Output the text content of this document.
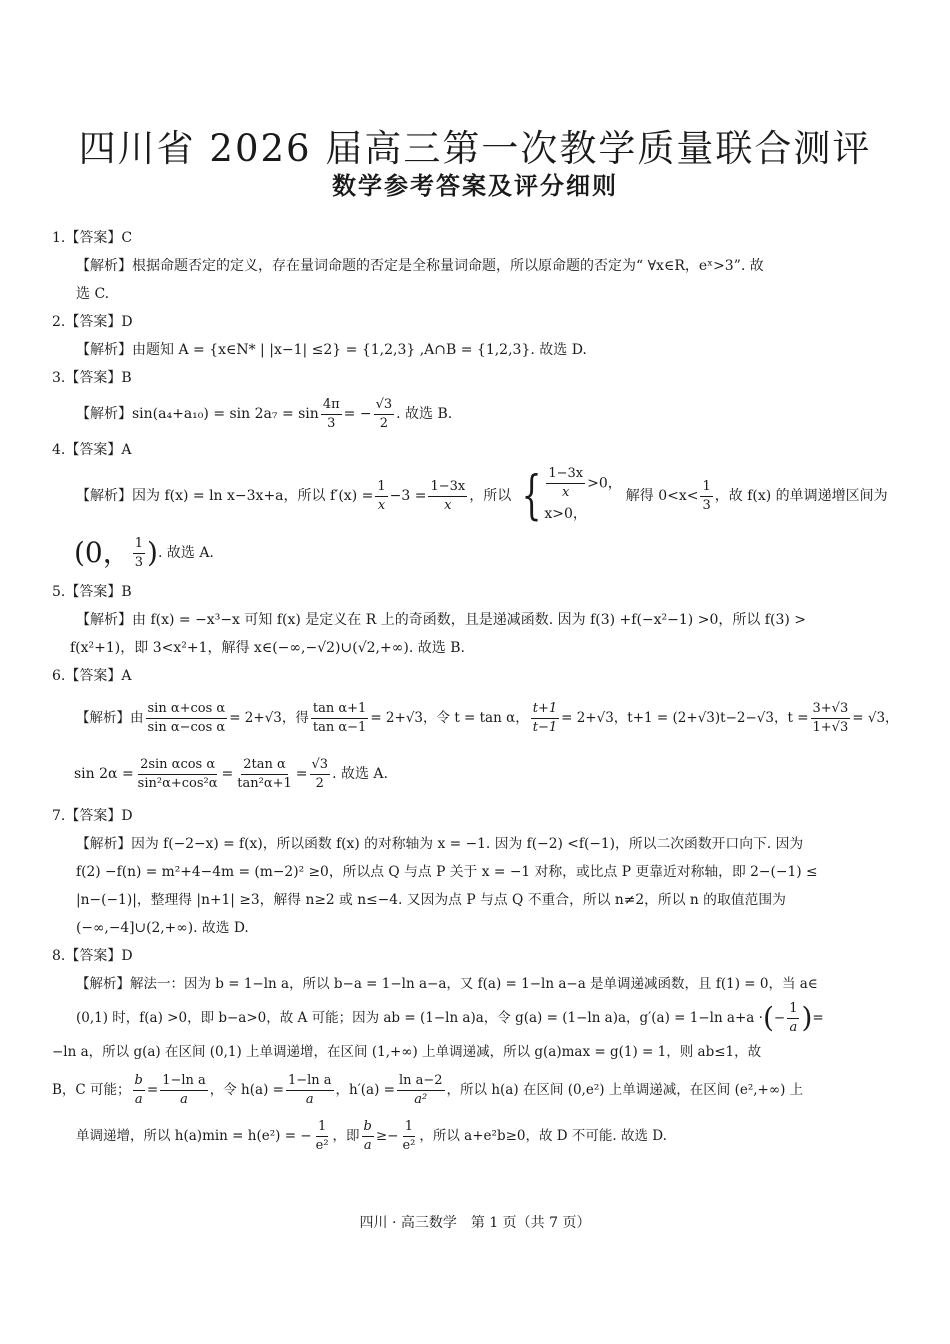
四川省 2026 届高三第一次教学质量联合测评
数学参考答案及评分细则
1.【答案】C
【解析】根据命题否定的定义，存在量词命题的否定是全称量词命题，所以原命题的否定为“ ∀x∈R，eˣ>3”. 故
选 C.
2.【答案】D
【解析】由题知 A = {x∈N* | |x−1| ≤2} = {1,2,3} ,A∩B = {1,2,3}. 故选 D.
3.【答案】B
【解析】$\sin(a_4+a_{10}) = \sin 2a_7 = \sin \frac{4\pi}{3}$ = − $\frac{√3}{2}$ . 故选 B.
4.【答案】A
【解析】因为 f(x) = ln x−3x+a，所以 $f'(x) = \frac{1}{x} -3 = \frac{1-3x}{x}$ ，所以 { $\frac{1-3x}{x} >0$，
x>0，
解得 $0<x< \frac{1}{3}$ ，故 f(x) 的单调递增区间为
(0， $\frac{1}{3}$ ) . 故选 A.
5.【答案】B
【解析】由 f(x) = −x³−x 可知 f(x) 是定义在 R 上的奇函数，且是递减函数. 因为 f(3) +f(−x²−1) >0，所以 f(3) >
f(x²+1)，即 3<x²+1，解得 x∈(−∞,−√2)∪(√2,+∞). 故选 B.
6.【答案】A
【解析】由 $\frac{\text{sin α+cos α}}{\text{sin α−cos α}} = 2+√3$，得 $\frac{\text{tan α+1}}{\text{tan α−1}} = 2+√3$，令 t = tan α， $\frac{t+1}{t-1} = 2+√3$，t+1 = (2+√3)t−2−√3，$t = \frac{3+√3}{1+√3} = √3$，
$\sin 2\alpha = \frac{\text{2sin αcos α}}{\text{sin²α+cos²α}} = \frac{\text{2tan α}}{\text{tan²α+1}} = \frac{√3}{2}$ . 故选 A.
7.【答案】D
【解析】因为 f(−2−x) = f(x)，所以函数 f(x) 的对称轴为 x = −1. 因为 f(−2) <f(−1)，所以二次函数开口向下. 因为
f(2) −f(n) = m²+4−4m = (m−2)² ≥0，所以点 Q 与点 P 关于 x = −1 对称，或比点 P 更靠近对称轴，即 2−(−1) ≤
|n−(−1)|，整理得 |n+1| ≥3，解得 n≥2 或 n≤−4. 又因为点 P 与点 Q 不重合，所以 n≠2，所以 n 的取值范围为
(−∞,−4]∪(2,+∞). 故选 D.
8.【答案】D
【解析】解法一：因为 b = 1−ln a，所以 b−a = 1−ln a−a，又 f(a) = 1−ln a−a 是单调递减函数，且 f(1) = 0，当 a∈
(0,1) 时，f(a) >0，即 b−a>0，故 A 可能；因为 ab = (1−ln a)a，令 g(a) = (1−ln a)a，g′(a) = 1−ln a+a · ( − $\frac{1}{a}$ ) =
−ln a，所以 g(a) 在区间 (0,1) 上单调递增，在区间 (1,+∞) 上单调递减，所以 g(a)max = g(1) = 1，则 ab≤1，故
B，C 可能； $\frac{b}{a} = \frac{\text{1−ln a}}{a}$ ，令 $h(a) = \frac{\text{1−ln a}}{a}$ ，$h'(a) = \frac{\text{ln a−2}}{\text{a²}}$ ，所以 h(a) 在区间 (0,e²) 上单调递减，在区间 (e²,+∞) 上
单调递增，所以 h(a)min = h(e²) = − $\frac{1}{\text{e²}}$ ，即 $\frac{b}{a} \ge- \frac{1}{\text{e²}}$ ，所以 a+e²b≥0，故 D 不可能. 故选 D.
四川 · 高三数学　第 1 页（共 7 页）
